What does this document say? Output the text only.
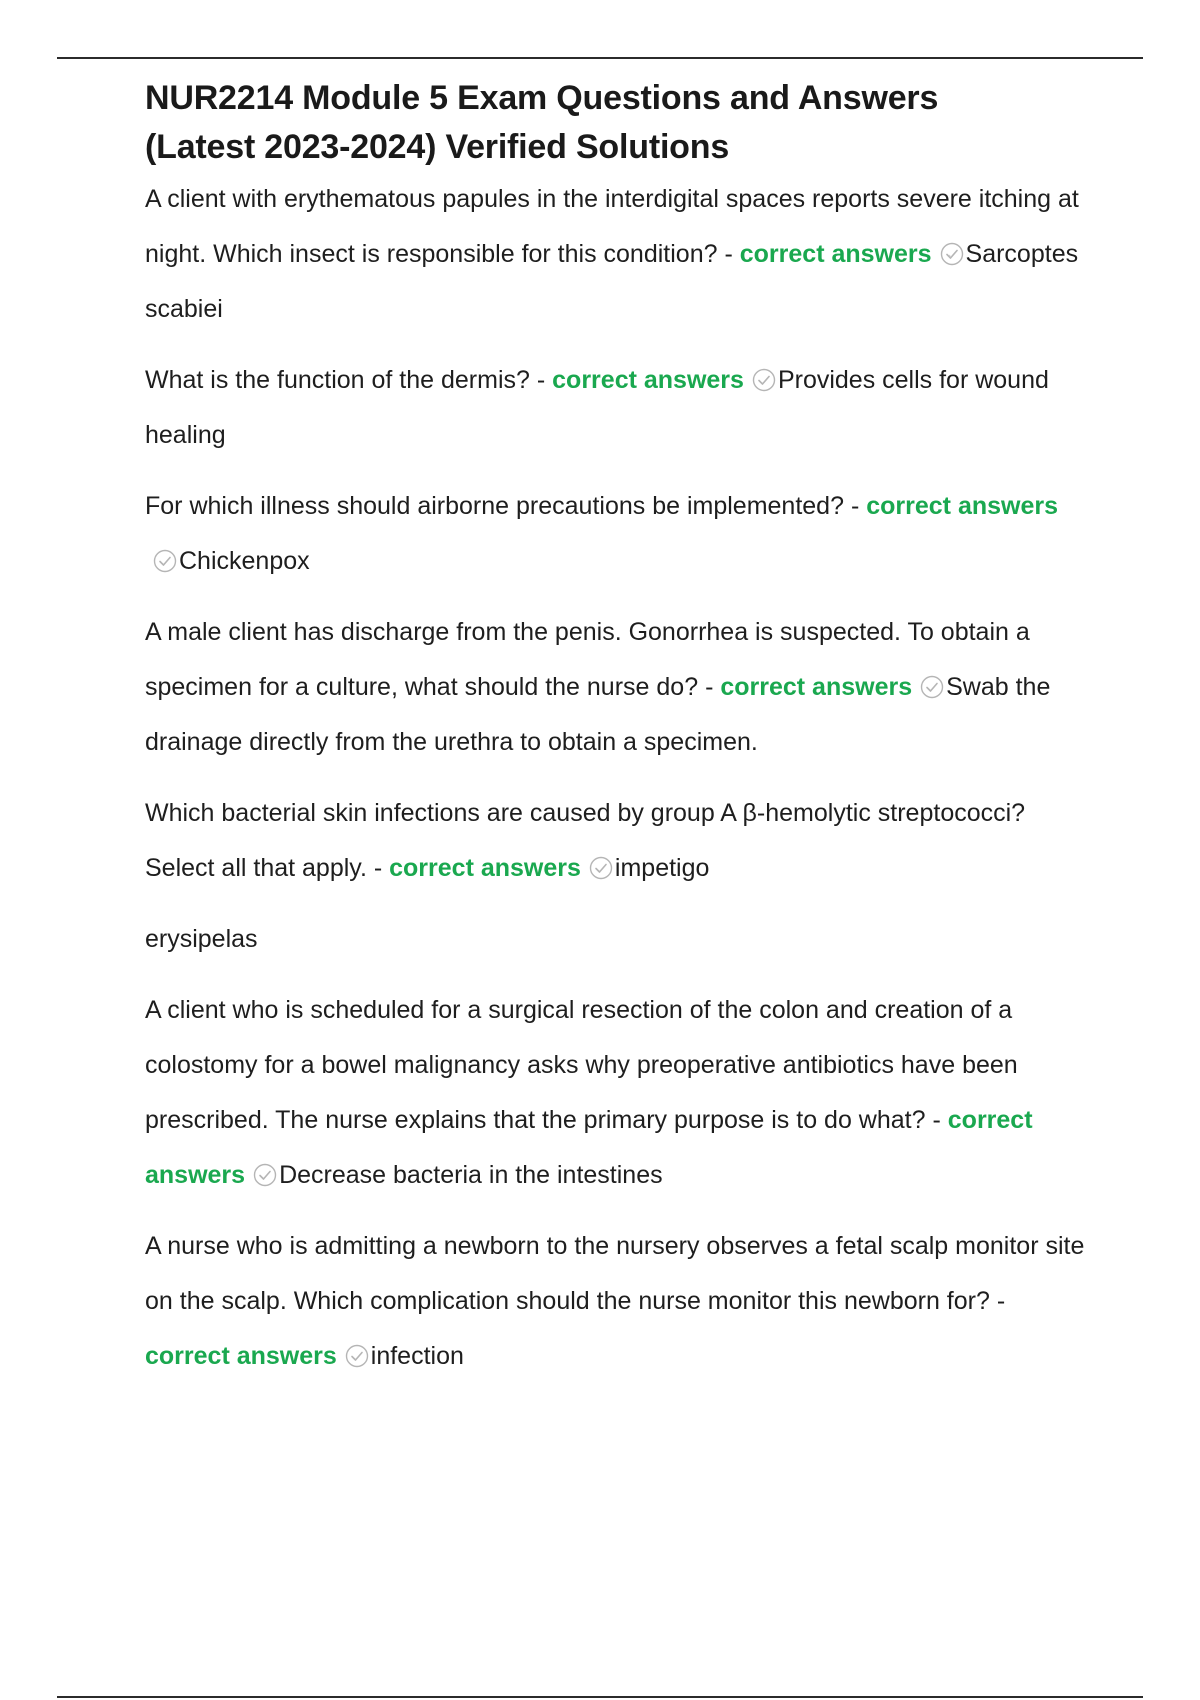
NUR2214 Module 5 Exam Questions and Answers
(Latest 2023-2024) Verified Solutions

A client with erythematous papules in the interdigital spaces reports severe itching at night. Which insect is responsible for this condition? - correct answers Sarcoptes scabiei

What is the function of the dermis? - correct answers Provides cells for wound healing

For which illness should airborne precautions be implemented? - correct answersChickenpox

A male client has discharge from the penis. Gonorrhea is suspected. To obtain a specimen for a culture, what should the nurse do? - correct answers Swab the drainage directly from the urethra to obtain a specimen.

Which bacterial skin infections are caused by group A β-hemolytic streptococci? Select all that apply. - correct answers impetigo

erysipelas

A client who is scheduled for a surgical resection of the colon and creation of a colostomy for a bowel malignancy asks why preoperative antibiotics have been prescribed. The nurse explains that the primary purpose is to do what? - correct answers Decrease bacteria in the intestines

A nurse who is admitting a newborn to the nursery observes a fetal scalp monitor site on the scalp. Which complication should the nurse monitor this newborn for? - correct answers infection
